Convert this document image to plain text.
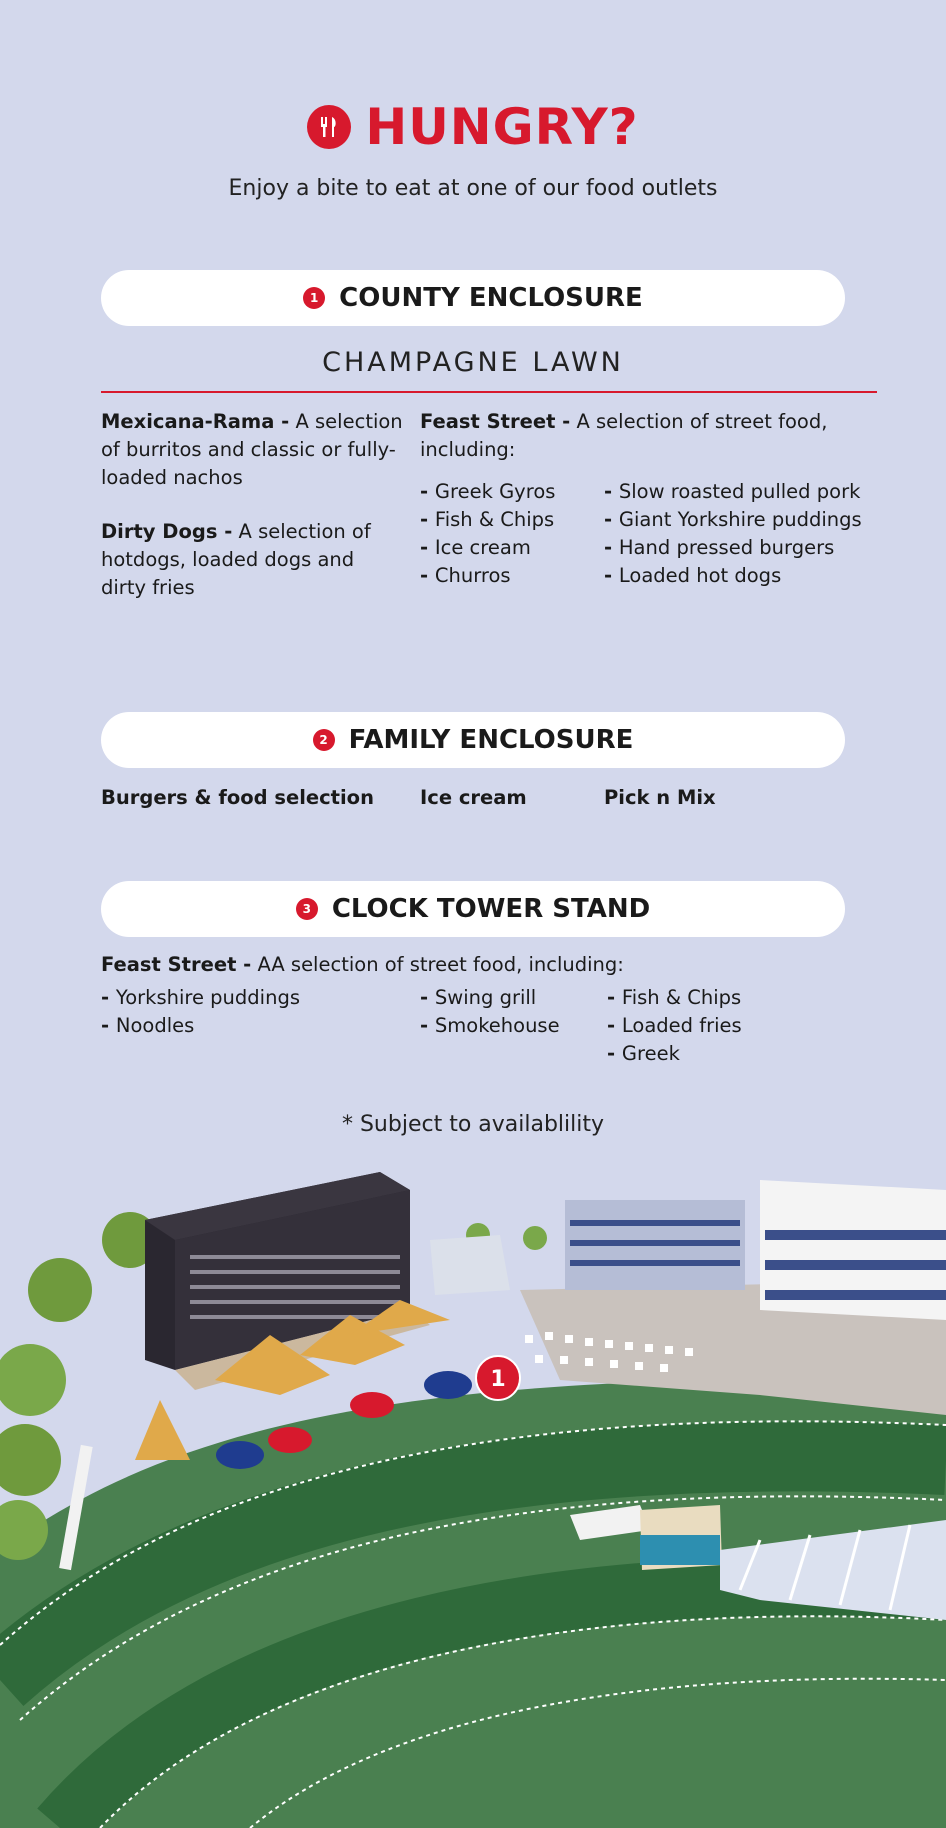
HUNGRY?
Enjoy a bite to eat at one of our food outlets
1 COUNTY ENCLOSURE
CHAMPAGNE LAWN
Mexicana-Rama - A selection of burritos and classic or fully-loaded nachos
Dirty Dogs - A selection of hotdogs, loaded dogs and dirty fries
Feast Street - A selection of street food, including:
- Greek Gyros
- Fish & Chips
- Ice cream
- Churros
- Slow roasted pulled pork
- Giant Yorkshire puddings
- Hand pressed burgers
- Loaded hot dogs
2 FAMILY ENCLOSURE
Burgers & food selection Ice cream	Pick n Mix
3 CLOCK TOWER STAND
Feast Street - AA selection of street food, including:
- Yorkshire puddings
- Noodles
- Swing grill
- Smokehouse
- Fish & Chips
- Loaded fries
- Greek
* Subject to availablility
1
